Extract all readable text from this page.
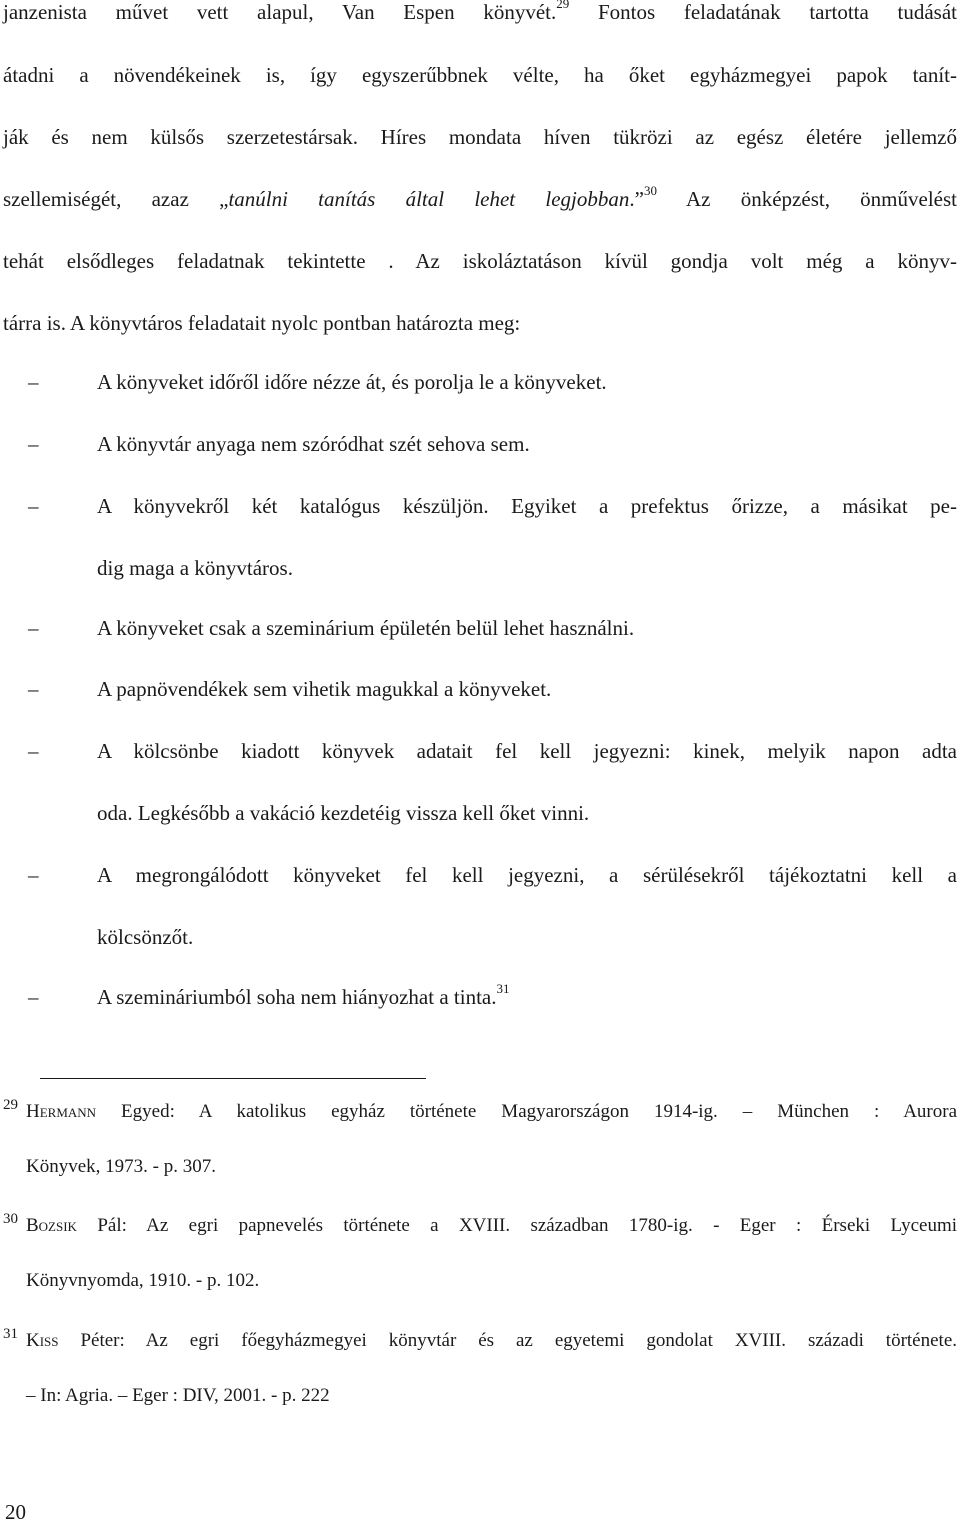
janzenista művet vett alapul, Van Espen könyvét.$^{29}$ Fontos feladatának tartotta tudását
átadni a növendékeinek is, így egyszerűbbnek vélte, ha őket egyházmegyei papok tanít-
ják és nem külsős szerzetestársak. Híres mondata híven tükrözi az egész életére jellemző
szellemiségét, azaz „tanúlni tanítás által lehet legjobban.”$^{30}$ Az önképzést, önművelést
tehát elsődleges feladatnak tekintette . Az iskoláztatáson kívül gondja volt még a könyv-
tárra is. A könyvtáros feladatait nyolc pontban határozta meg:
–	A könyveket időről időre nézze át, és porolja le a könyveket.
–	A könyvtár anyaga nem szóródhat szét sehova sem.
–	A könyvekről két katalógus készüljön. Egyiket a prefektus őrizze, a másikat pe-
dig maga a könyvtáros.
–	A könyveket csak a szeminárium épületén belül lehet használni.
–	A papnövendékek sem vihetik magukkal a könyveket.
–	A kölcsönbe kiadott könyvek adatait fel kell jegyezni: kinek, melyik napon adta
oda. Legkésőbb a vakáció kezdetéig vissza kell őket vinni.
–	A megrongálódott könyveket fel kell jegyezni, a sérülésekről tájékoztatni kell a
kölcsönzőt.
–	A szemináriumból soha nem hiányozhat a tinta.$^{31}$
29 Hermann Egyed: A katolikus egyház története Magyarországon 1914-ig. – München : Aurora
Könyvek, 1973. - p. 307.
30 Bozsik Pál: Az egri papnevelés története a XVIII. században 1780-ig. - Eger : Érseki Lyceumi
Könyvnyomda, 1910. - p. 102.
31 Kiss Péter: Az egri főegyházmegyei könyvtár és az egyetemi gondolat XVIII. századi története.
– In: Agria. – Eger : DIV, 2001. - p. 222
20
